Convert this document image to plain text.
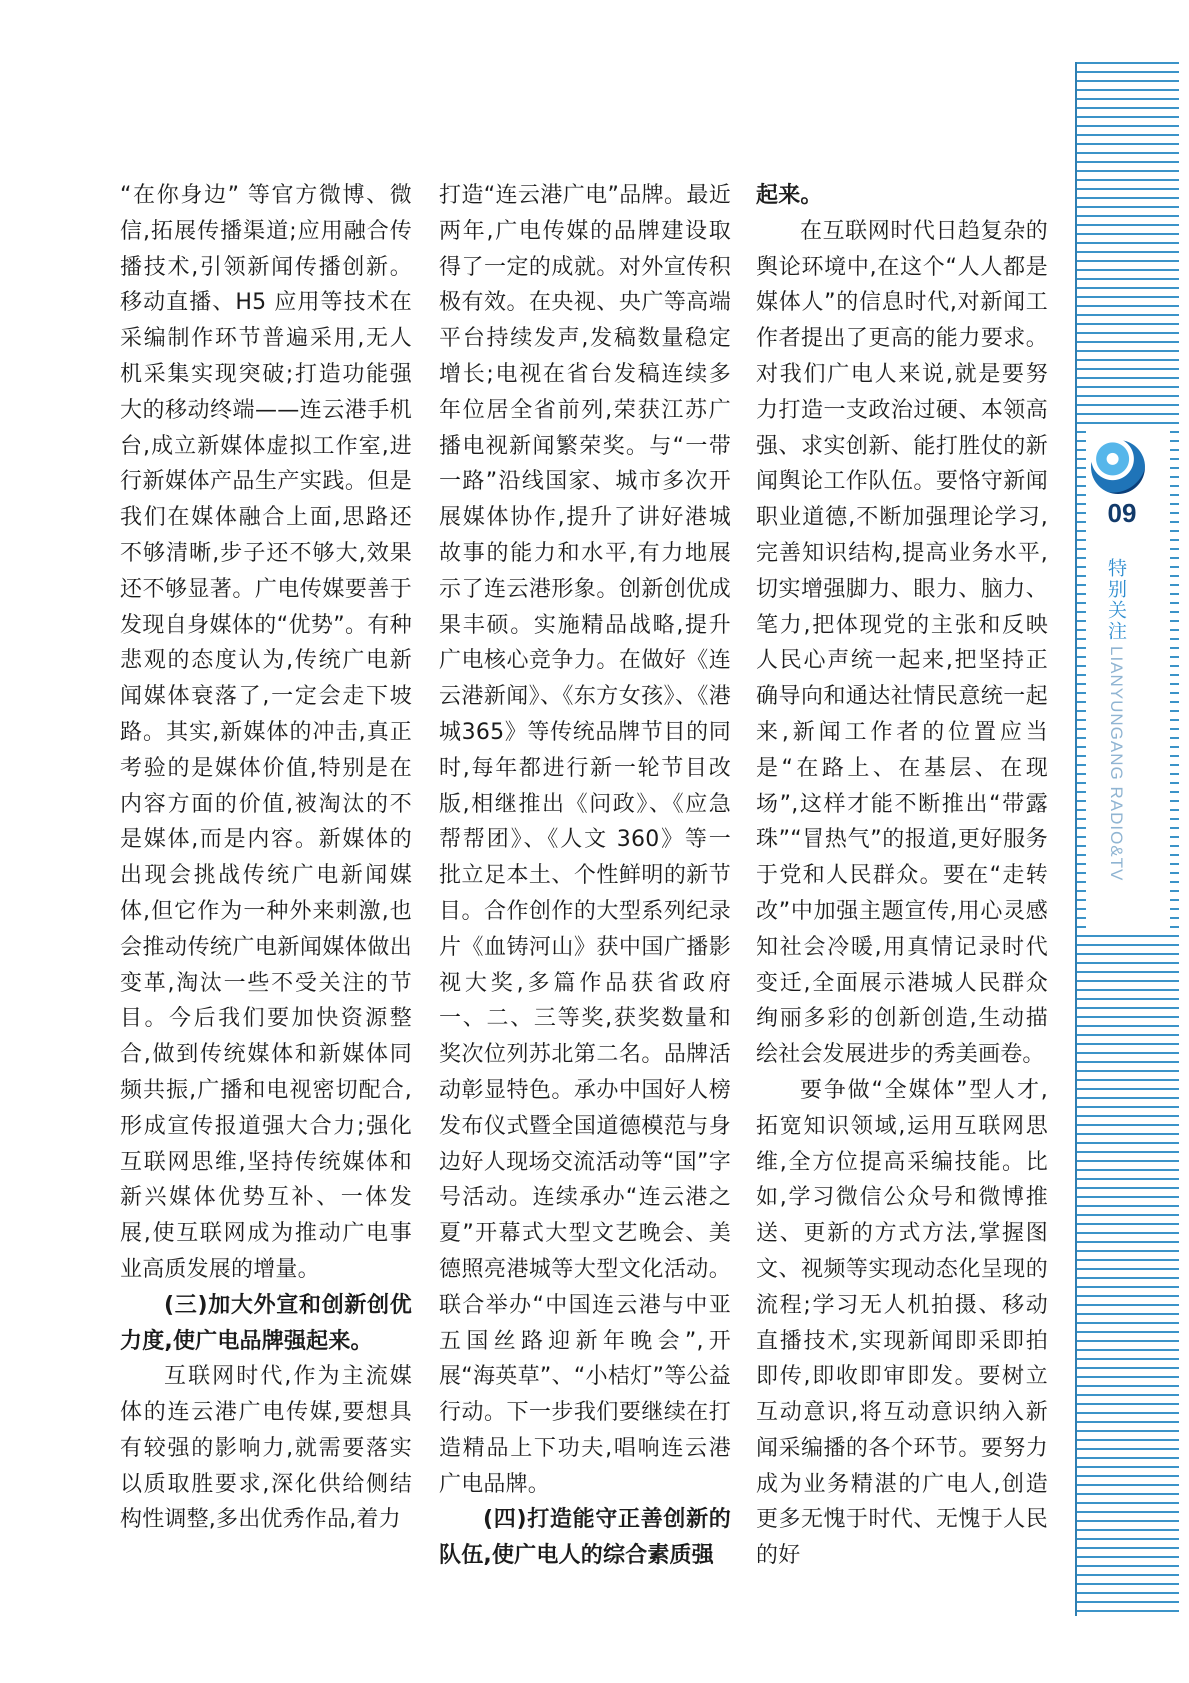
“在你身边” 等官方微博、微信,拓展传播渠道;应用融合传播技术,引领新闻传播创新。移动直播、H5 应用等技术在采编制作环节普遍采用,无人机采集实现突破;打造功能强大的移动终端——连云港手机台,成立新媒体虚拟工作室,进行新媒体产品生产实践。但是我们在媒体融合上面,思路还不够清晰,步子还不够大,效果还不够显著。广电传媒要善于发现自身媒体的“优势”。有种悲观的态度认为,传统广电新闻媒体衰落了,一定会走下坡路。其实,新媒体的冲击,真正考验的是媒体价值,特别是在内容方面的价值,被淘汰的不是媒体,而是内容。新媒体的出现会挑战传统广电新闻媒体,但它作为一种外来刺激,也会推动传统广电新闻媒体做出变革,淘汰一些不受关注的节目。今后我们要加快资源整合,做到传统媒体和新媒体同频共振,广播和电视密切配合,形成宣传报道强大合力;强化互联网思维,坚持传统媒体和新兴媒体优势互补、一体发展,使互联网成为推动广电事业高质发展的增量。

(三)加大外宣和创新创优力度,使广电品牌强起来。

互联网时代,作为主流媒体的连云港广电传媒,要想具有较强的影响力,就需要落实以质取胜要求,深化供给侧结构性调整,多出优秀作品,着力

打造“连云港广电”品牌。最近两年,广电传媒的品牌建设取得了一定的成就。对外宣传积极有效。在央视、央广等高端平台持续发声,发稿数量稳定增长;电视在省台发稿连续多年位居全省前列,荣获江苏广播电视新闻繁荣奖。与“一带一路”沿线国家、城市多次开展媒体协作,提升了讲好港城故事的能力和水平,有力地展示了连云港形象。创新创优成果丰硕。实施精品战略,提升广电核心竞争力。在做好《连云港新闻》、《东方女孩》、《港城365》等传统品牌节目的同时,每年都进行新一轮节目改版,相继推出《问政》、《应急帮帮团》、《人文 360》等一批立足本土、个性鲜明的新节目。合作创作的大型系列纪录片《血铸河山》获中国广播影视大奖,多篇作品获省政府一、二、三等奖,获奖数量和奖次位列苏北第二名。品牌活动彰显特色。承办中国好人榜发布仪式暨全国道德模范与身边好人现场交流活动等“国”字号活动。连续承办“连云港之夏”开幕式大型文艺晚会、美德照亮港城等大型文化活动。联合举办“中国连云港与中亚五国丝路迎新年晚会”,开展“海英草”、“小桔灯”等公益行动。下一步我们要继续在打造精品上下功夫,唱响连云港广电品牌。

(四)打造能守正善创新的队伍,使广电人的综合素质强

起来。

在互联网时代日趋复杂的舆论环境中,在这个“人人都是媒体人”的信息时代,对新闻工作者提出了更高的能力要求。对我们广电人来说,就是要努力打造一支政治过硬、本领高强、求实创新、能打胜仗的新闻舆论工作队伍。要恪守新闻职业道德,不断加强理论学习,完善知识结构,提高业务水平,切实增强脚力、眼力、脑力、笔力,把体现党的主张和反映人民心声统一起来,把坚持正确导向和通达社情民意统一起来,新闻工作者的位置应当是“在路上、在基层、在现场”,这样才能不断推出“带露珠”“冒热气”的报道,更好服务于党和人民群众。要在“走转改”中加强主题宣传,用心灵感知社会冷暖,用真情记录时代变迁,全面展示港城人民群众绚丽多彩的创新创造,生动描绘社会发展进步的秀美画卷。

要争做“全媒体”型人才,拓宽知识领域,运用互联网思维,全方位提高采编技能。比如,学习微信公众号和微博推送、更新的方式方法,掌握图文、视频等实现动态化呈现的流程;学习无人机拍摄、移动直播技术,实现新闻即采即拍即传,即收即审即发。要树立互动意识,将互动意识纳入新闻采编播的各个环节。要努力成为业务精湛的广电人,创造更多无愧于时代、无愧于人民的好

09
特别关注
LIANYUNGANG RADIO&TV
